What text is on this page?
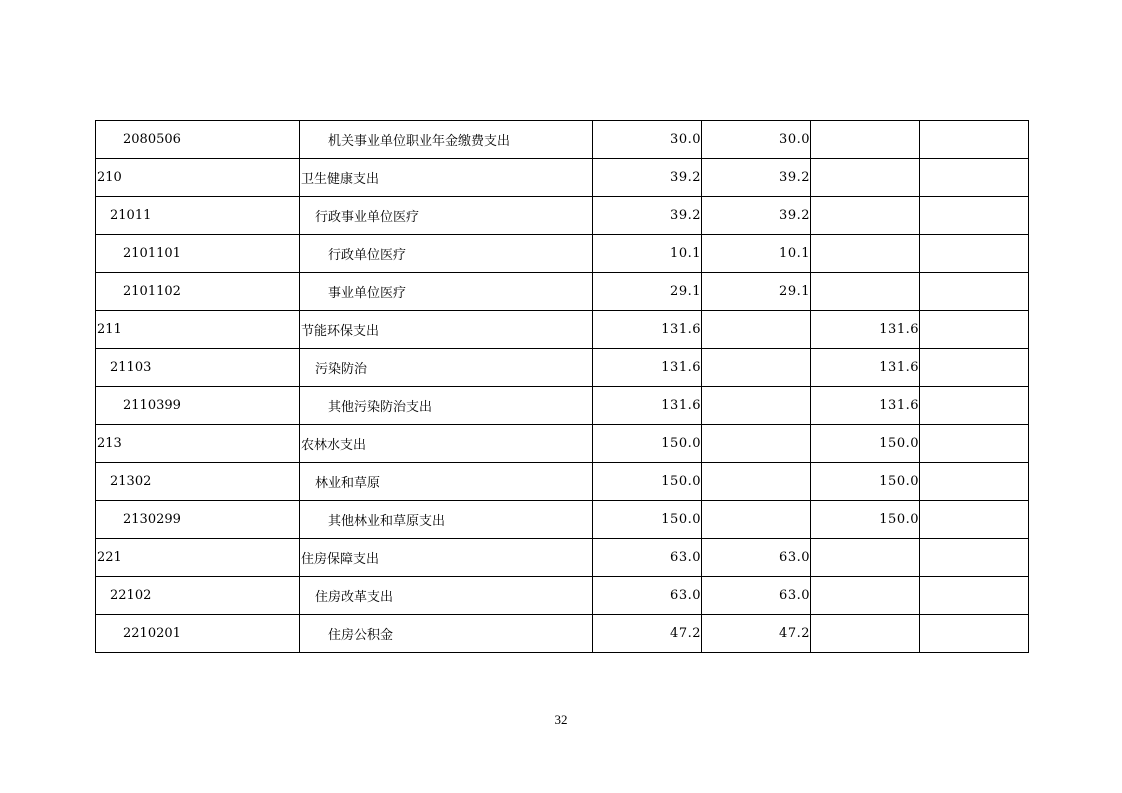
2080506	机关事业单位职业年金缴费支出	30.0	30.0		
210	卫生健康支出	39.2	39.2		
21011	行政事业单位医疗	39.2	39.2		
2101101	行政单位医疗	10.1	10.1		
2101102	事业单位医疗	29.1	29.1		
211	节能环保支出	131.6		131.6	
21103	污染防治	131.6		131.6	
2110399	其他污染防治支出	131.6		131.6	
213	农林水支出	150.0		150.0	
21302	林业和草原	150.0		150.0	
2130299	其他林业和草原支出	150.0		150.0	
221	住房保障支出	63.0	63.0		
22102	住房改革支出	63.0	63.0		
2210201	住房公积金	47.2	47.2		
32
